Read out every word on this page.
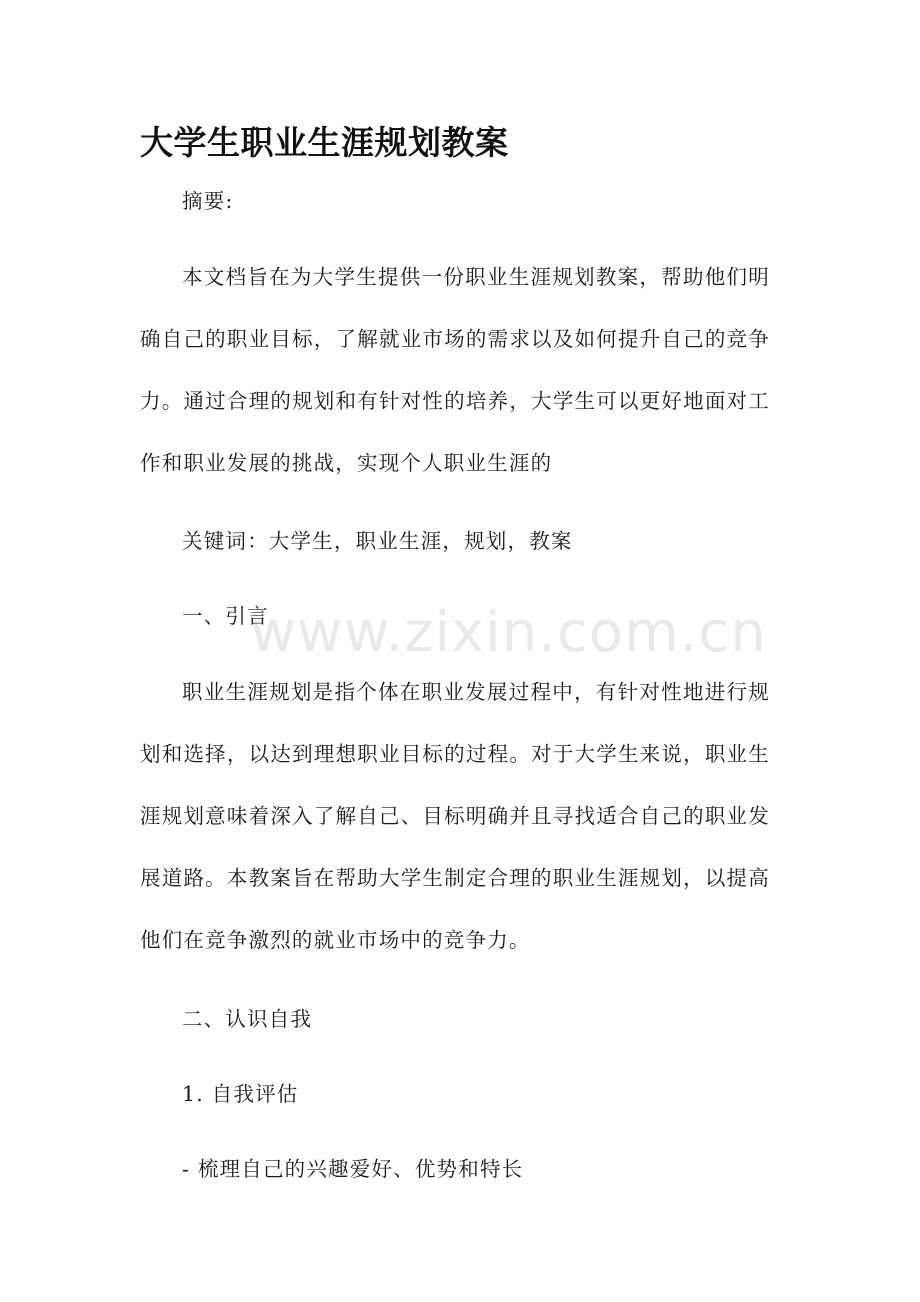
大学生职业生涯规划教案

摘要:

本文档旨在为大学生提供一份职业生涯规划教案，帮助他们明确自己的职业目标，了解就业市场的需求以及如何提升自己的竞争力。通过合理的规划和有针对性的培养，大学生可以更好地面对工作和职业发展的挑战，实现个人职业生涯的

关键词：大学生，职业生涯，规划，教案

一、引言

职业生涯规划是指个体在职业发展过程中，有针对性地进行规划和选择，以达到理想职业目标的过程。对于大学生来说，职业生涯规划意味着深入了解自己、目标明确并且寻找适合自己的职业发展道路。本教案旨在帮助大学生制定合理的职业生涯规划，以提高他们在竞争激烈的就业市场中的竞争力。

二、认识自我

1. 自我评估

- 梳理自己的兴趣爱好、优势和特长

www.zixin.com.cn
